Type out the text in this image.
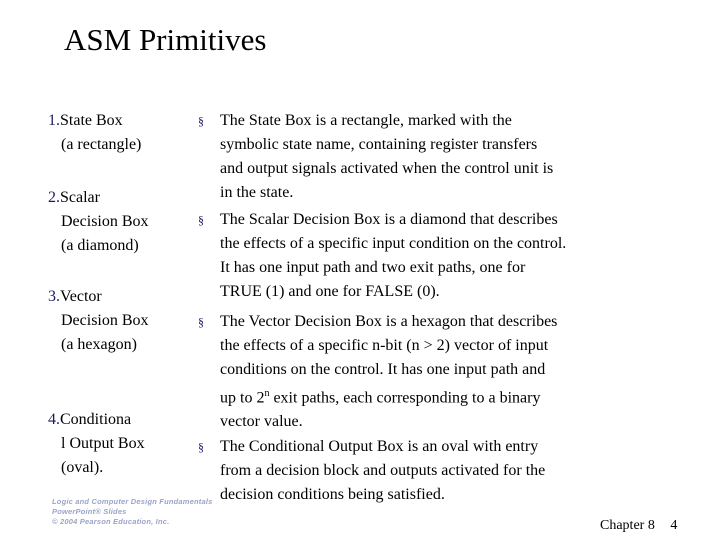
ASM Primitives
1.State Box
(a rectangle)
2.Scalar
Decision Box
(a diamond)
3.Vector
Decision Box
(a hexagon)
4.Conditiona
l Output Box
(oval).
§	The State Box is a rectangle, marked with the
symbolic state name, containing register transfers
and output signals activated when the control unit is
in the state.
§	The Scalar Decision Box is a diamond that describes
the effects of a specific input condition on the control.
It has one input path and two exit paths, one for
TRUE (1) and one for FALSE (0).
§	The Vector Decision Box is a hexagon that describes
the effects of a specific n-bit (n > 2) vector of input
conditions on the control. It has one input path and
up to 2$^n$ exit paths, each corresponding to a binary
vector value.
§	The Conditional Output Box is an oval with entry
from a decision block and outputs activated for the
decision conditions being satisfied.
Logic and Computer Design Fundamentals
PowerPoint® Slides
© 2004 Pearson Education, Inc.	Chapter 8 4
